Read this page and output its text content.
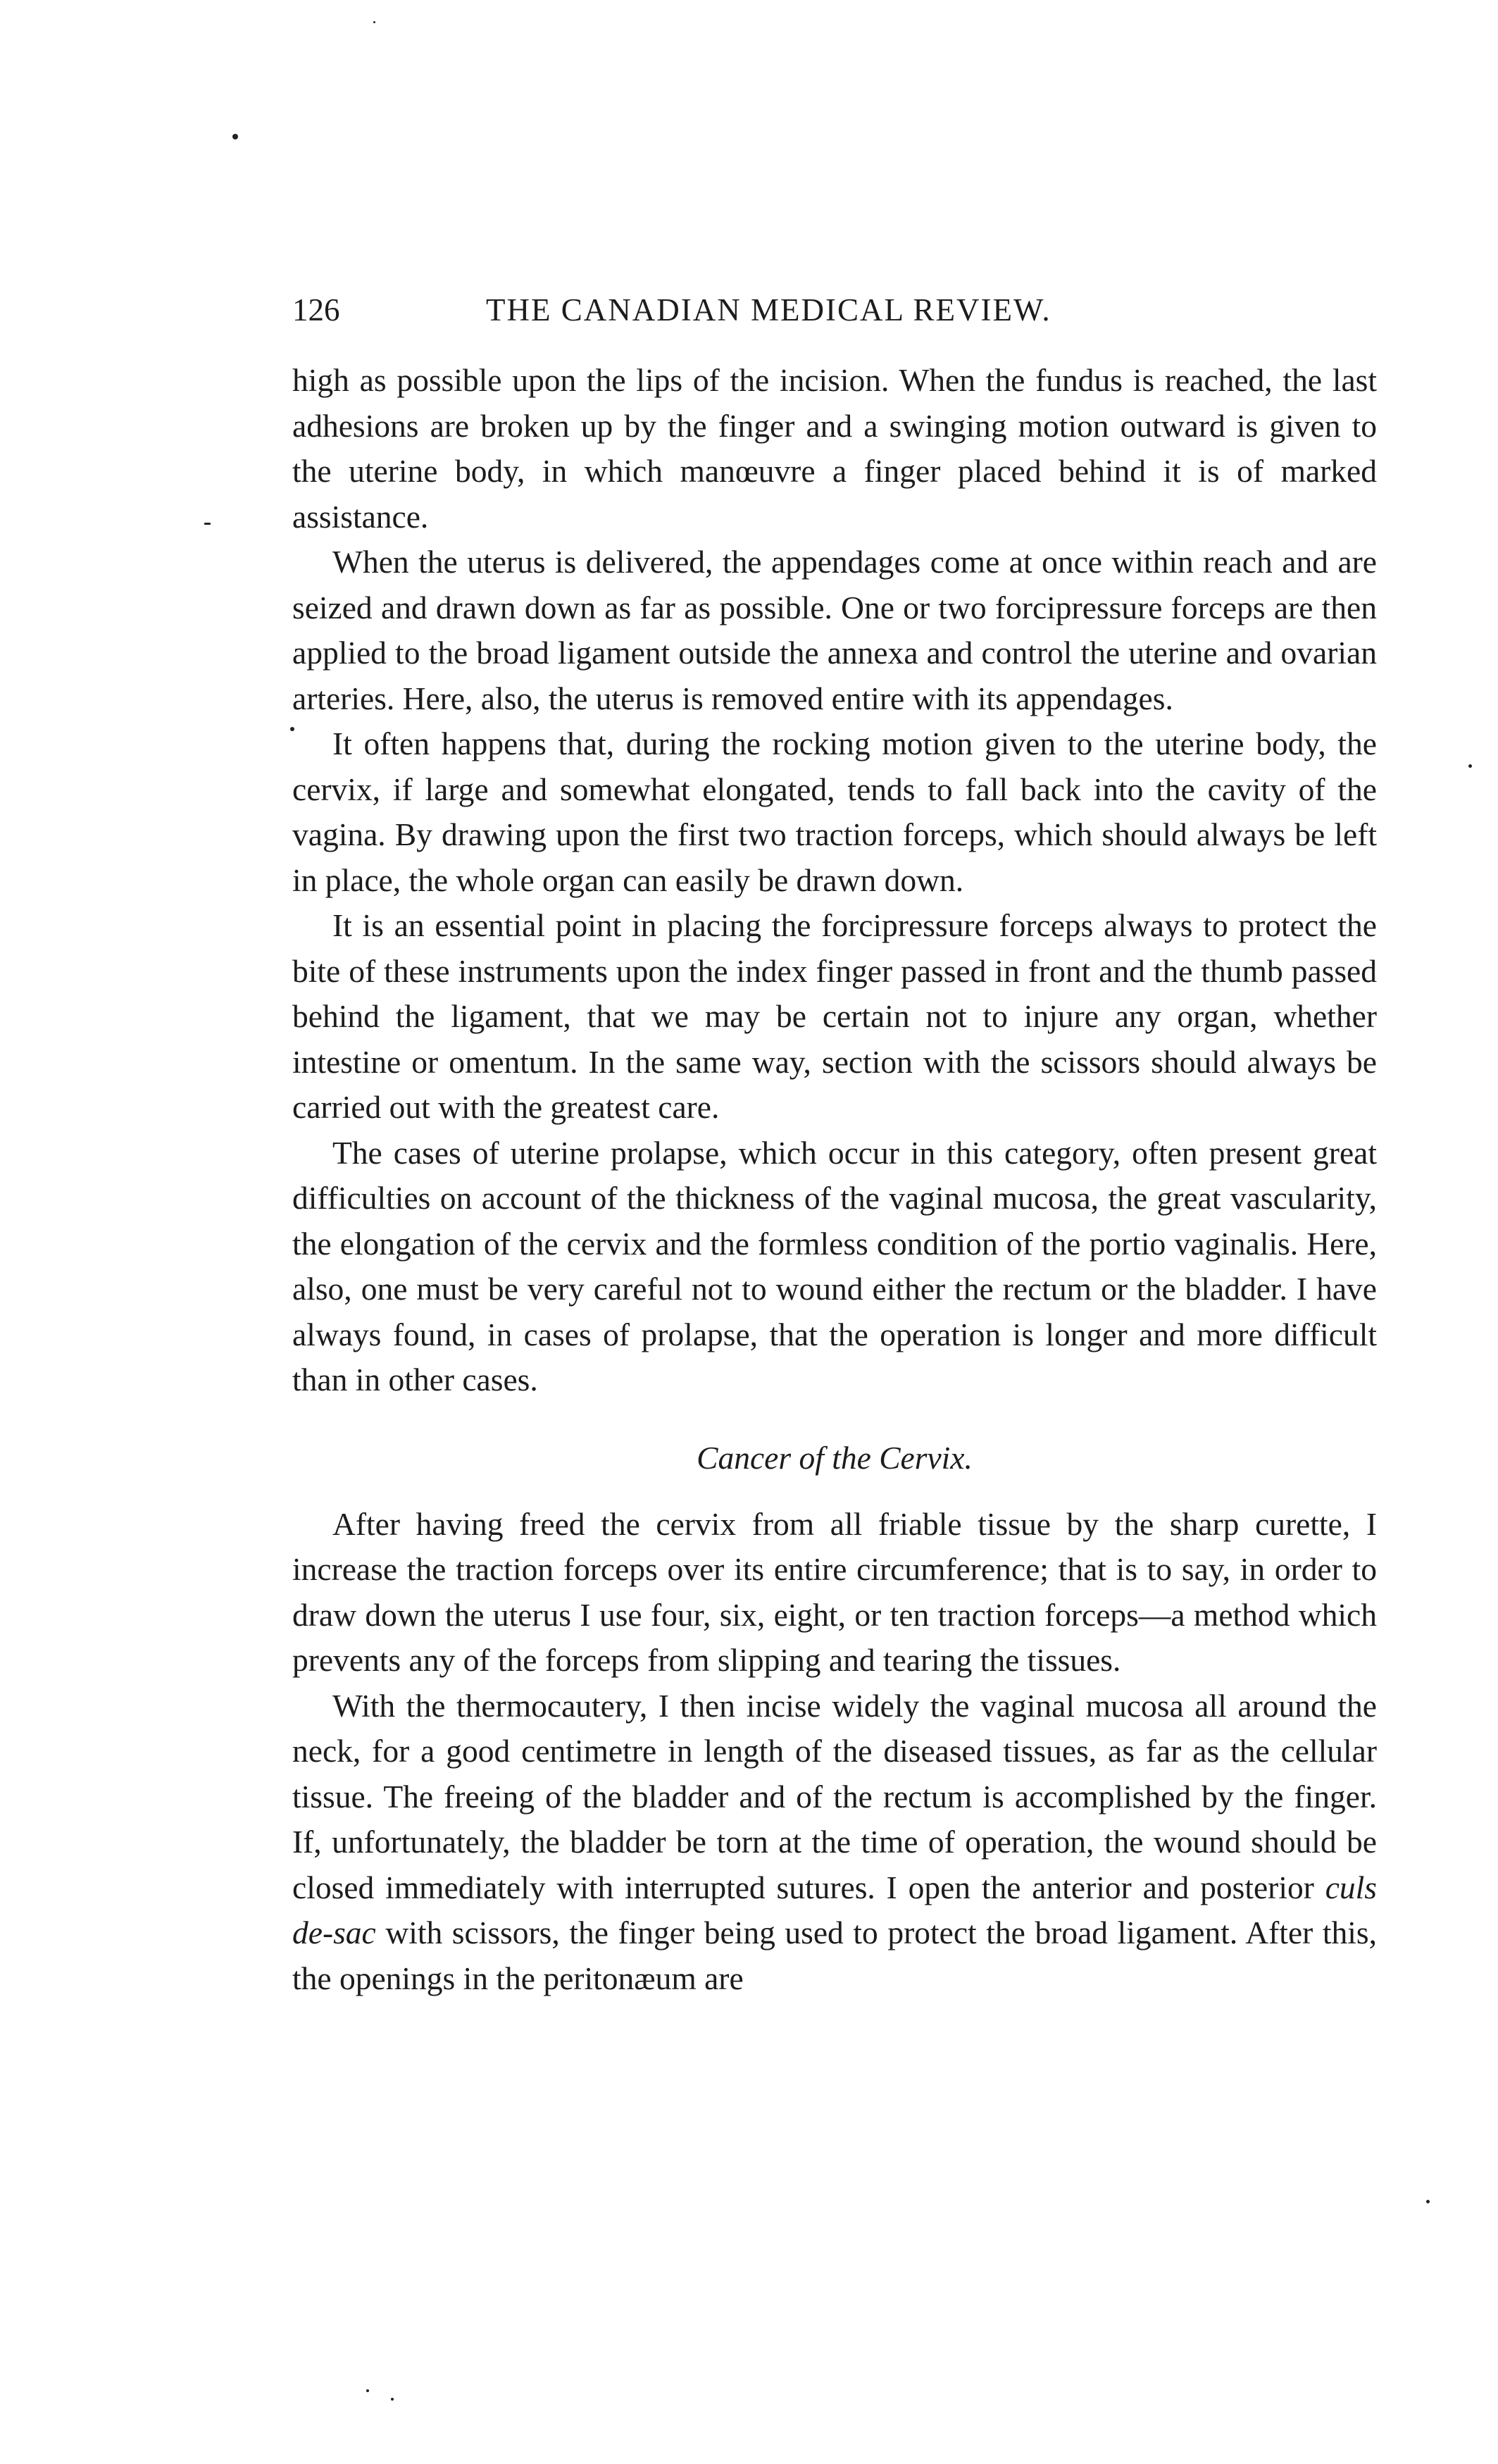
126	THE CANADIAN MEDICAL REVIEW.

high as possible upon the lips of the incision. When the fundus is reached, the last adhesions are broken up by the finger and a swinging motion outward is given to the uterine body, in which manœuvre a finger placed behind it is of marked assistance.

When the uterus is delivered, the appendages come at once within reach and are seized and drawn down as far as possible. One or two forcipressure forceps are then applied to the broad ligament outside the annexa and control the uterine and ovarian arteries. Here, also, the uterus is removed entire with its appendages.

It often happens that, during the rocking motion given to the uterine body, the cervix, if large and somewhat elongated, tends to fall back into the cavity of the vagina. By drawing upon the first two traction forceps, which should always be left in place, the whole organ can easily be drawn down.

It is an essential point in placing the forcipressure forceps always to protect the bite of these instruments upon the index finger passed in front and the thumb passed behind the ligament, that we may be certain not to injure any organ, whether intestine or omentum. In the same way, section with the scissors should always be carried out with the greatest care.

The cases of uterine prolapse, which occur in this category, often present great difficulties on account of the thickness of the vaginal mucosa, the great vascularity, the elongation of the cervix and the formless condition of the portio vaginalis. Here, also, one must be very careful not to wound either the rectum or the bladder. I have always found, in cases of prolapse, that the operation is longer and more difficult than in other cases.

Cancer of the Cervix.

After having freed the cervix from all friable tissue by the sharp curette, I increase the traction forceps over its entire circumference; that is to say, in order to draw down the uterus I use four, six, eight, or ten traction forceps—a method which prevents any of the forceps from slipping and tearing the tissues.

With the thermocautery, I then incise widely the vaginal mucosa all around the neck, for a good centimetre in length of the diseased tissues, as far as the cellular tissue. The freeing of the bladder and of the rectum is accomplished by the finger. If, unfortunately, the bladder be torn at the time of operation, the wound should be closed immediately with interrupted sutures. I open the anterior and posterior culs de-sac with scissors, the finger being used to protect the broad ligament. After this, the openings in the peritonæum are
